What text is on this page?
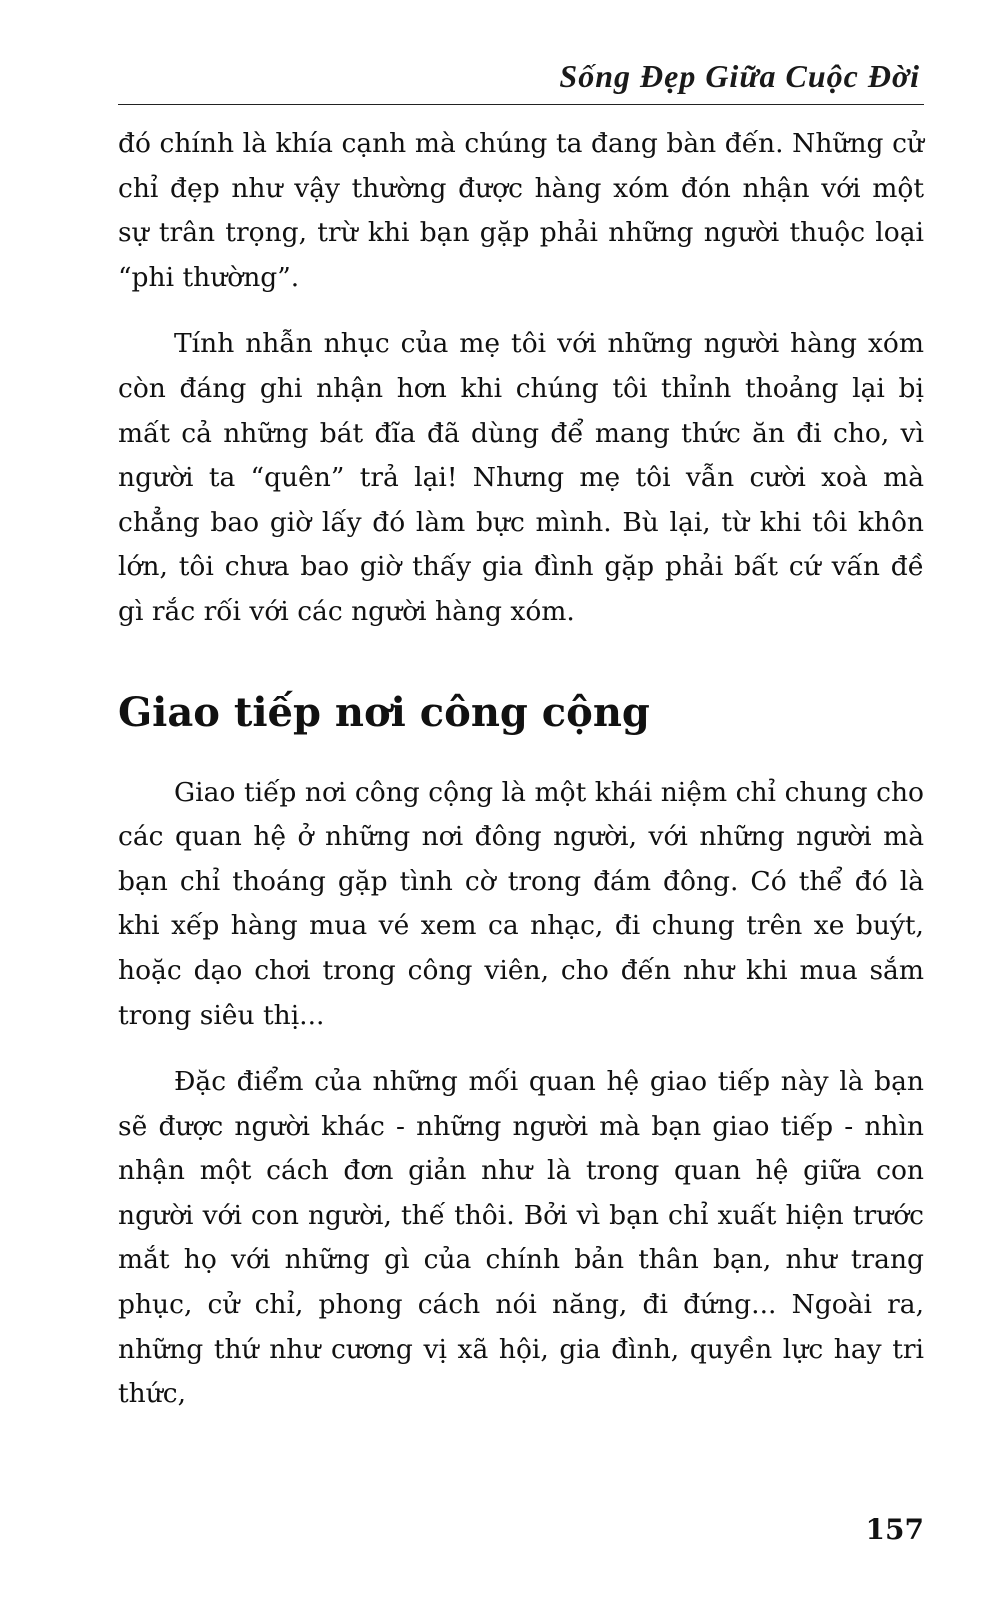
Sống Đẹp Giữa Cuộc Đời

đó chính là khía cạnh mà chúng ta đang bàn đến. Những cử chỉ đẹp như vậy thường được hàng xóm đón nhận với một sự trân trọng, trừ khi bạn gặp phải những người thuộc loại “phi thường”.

Tính nhẫn nhục của mẹ tôi với những người hàng xóm còn đáng ghi nhận hơn khi chúng tôi thỉnh thoảng lại bị mất cả những bát đĩa đã dùng để mang thức ăn đi cho, vì người ta “quên” trả lại! Nhưng mẹ tôi vẫn cười xoà mà chẳng bao giờ lấy đó làm bực mình. Bù lại, từ khi tôi khôn lớn, tôi chưa bao giờ thấy gia đình gặp phải bất cứ vấn đề gì rắc rối với các người hàng xóm.

Giao tiếp nơi công cộng

Giao tiếp nơi công cộng là một khái niệm chỉ chung cho các quan hệ ở những nơi đông người, với những người mà bạn chỉ thoáng gặp tình cờ trong đám đông. Có thể đó là khi xếp hàng mua vé xem ca nhạc, đi chung trên xe buýt, hoặc dạo chơi trong công viên, cho đến như khi mua sắm trong siêu thị...

Đặc điểm của những mối quan hệ giao tiếp này là bạn sẽ được người khác - những người mà bạn giao tiếp - nhìn nhận một cách đơn giản như là trong quan hệ giữa con người với con người, thế thôi. Bởi vì bạn chỉ xuất hiện trước mắt họ với những gì của chính bản thân bạn, như trang phục, cử chỉ, phong cách nói năng, đi đứng... Ngoài ra, những thứ như cương vị xã hội, gia đình, quyền lực hay tri thức,

157
